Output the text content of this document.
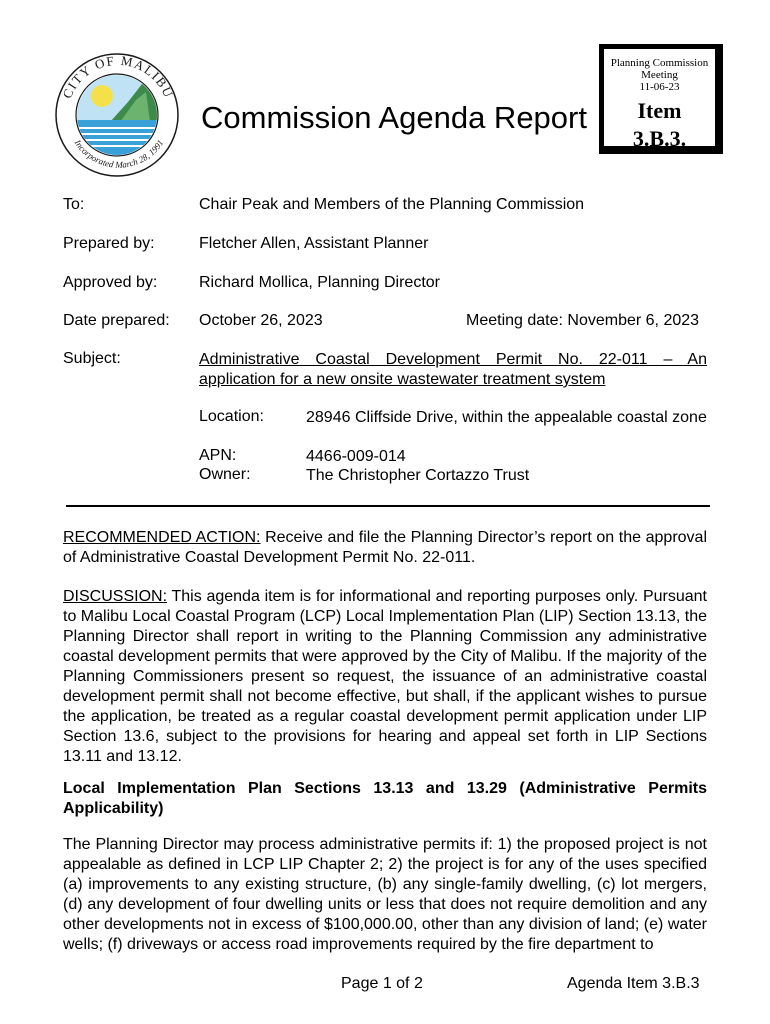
CITY OF MALIBU
Incorporated March 28, 1991
Commission Agenda Report
Planning Commission
Meeting
11-06-23
Item
3.B.3.
To:	Chair Peak and Members of the Planning Commission
Prepared by:	Fletcher Allen, Assistant Planner
Approved by:	Richard Mollica, Planning Director
Date prepared: October 26, 2023	Meeting date: November 6, 2023
Subject:	Administrative Coastal Development Permit No. 22-011 – An application for a new onsite wastewater treatment system
Location:	28946 Cliffside Drive, within the appealable coastal zone
APN:	4466-009-014
Owner:	The Christopher Cortazzo Trust
RECOMMENDED ACTION: Receive and file the Planning Director’s report on the approval of Administrative Coastal Development Permit No. 22-011.
DISCUSSION: This agenda item is for informational and reporting purposes only. Pursuant to Malibu Local Coastal Program (LCP) Local Implementation Plan (LIP) Section 13.13, the Planning Director shall report in writing to the Planning Commission any administrative coastal development permits that were approved by the City of Malibu. If the majority of the Planning Commissioners present so request, the issuance of an administrative coastal development permit shall not become effective, but shall, if the applicant wishes to pursue the application, be treated as a regular coastal development permit application under LIP Section 13.6, subject to the provisions for hearing and appeal set forth in LIP Sections 13.11 and 13.12.
Local Implementation Plan Sections 13.13 and 13.29 (Administrative Permits Applicability)
The Planning Director may process administrative permits if: 1) the proposed project is not appealable as defined in LCP LIP Chapter 2; 2) the project is for any of the uses specified (a) improvements to any existing structure, (b) any single-family dwelling, (c) lot mergers, (d) any development of four dwelling units or less that does not require demolition and any other developments not in excess of $100,000.00, other than any division of land; (e) water wells; (f) driveways or access road improvements required by the fire department to
Page 1 of 2	Agenda Item 3.B.3
